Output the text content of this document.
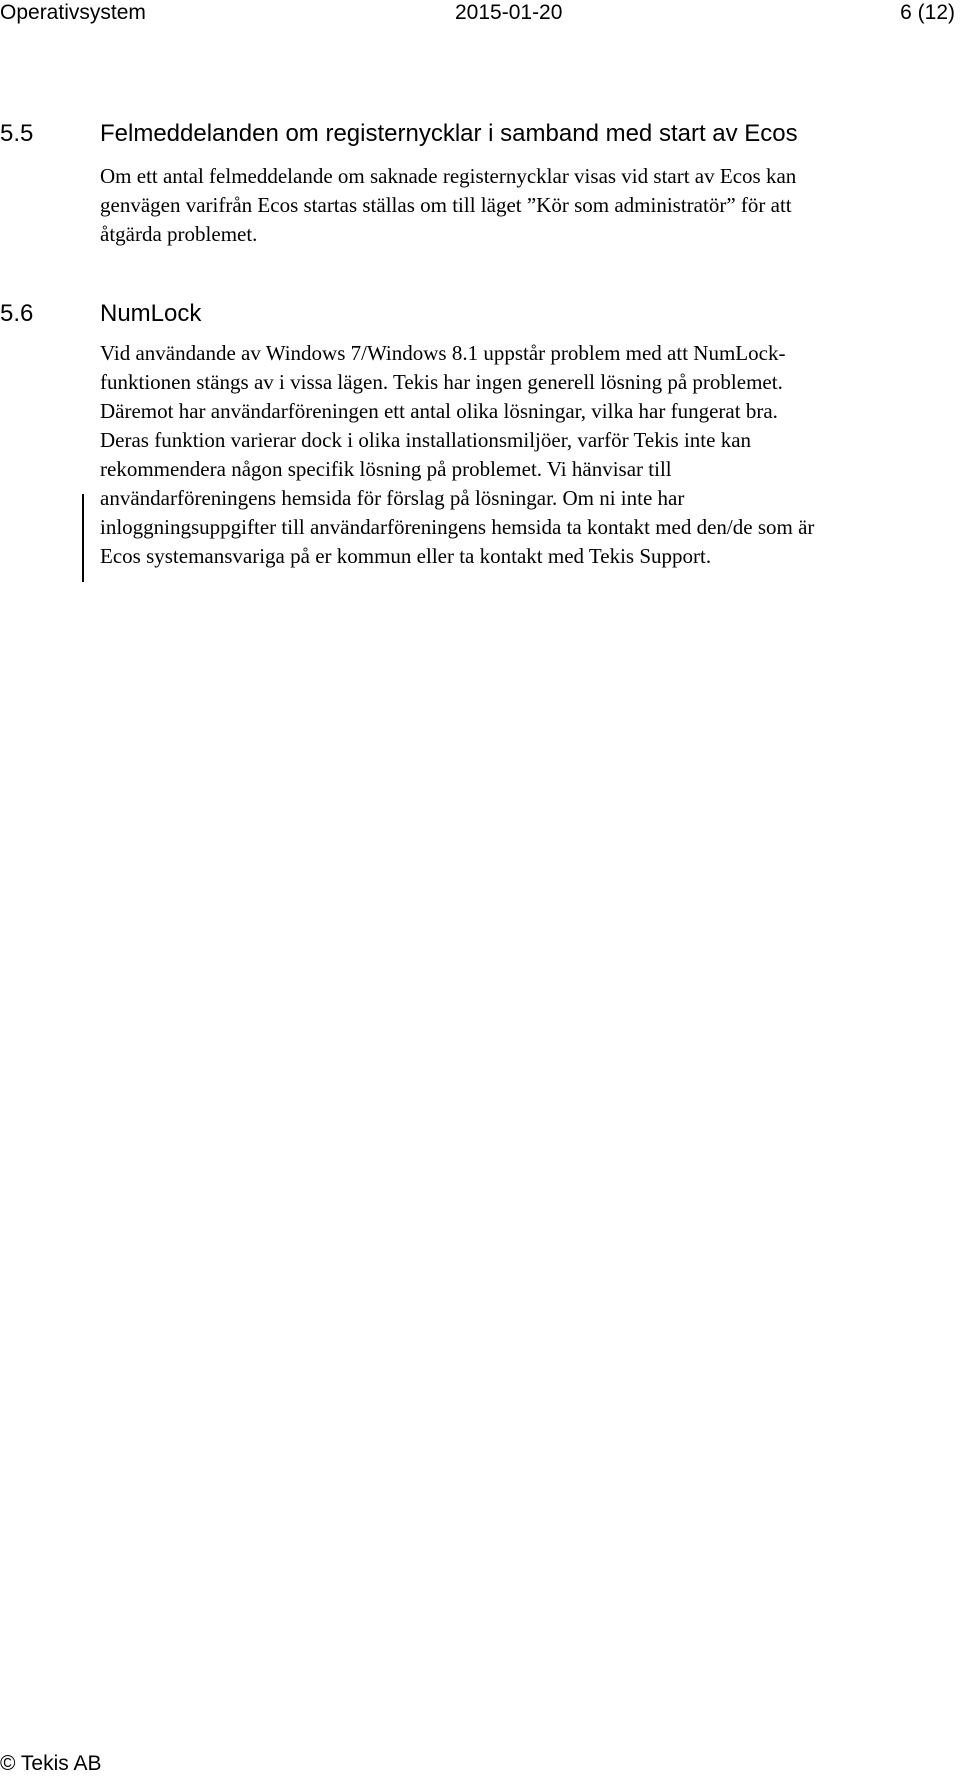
Operativsystem	2015-01-20	6 (12)
5.5	Felmeddelanden om registernycklar i samband med start av Ecos
Om ett antal felmeddelande om saknade registernycklar visas vid start av Ecos kan
genvägen varifrån Ecos startas ställas om till läget ”Kör som administratör” för att
åtgärda problemet.
5.6	NumLock
Vid användande av Windows 7/Windows 8.1 uppstår problem med att NumLock-
funktionen stängs av i vissa lägen. Tekis har ingen generell lösning på problemet.
Däremot har användarföreningen ett antal olika lösningar, vilka har fungerat bra.
Deras funktion varierar dock i olika installationsmiljöer, varför Tekis inte kan
rekommendera någon specifik lösning på problemet. Vi hänvisar till
användarföreningens hemsida för förslag på lösningar. Om ni inte har
inloggningsuppgifter till användarföreningens hemsida ta kontakt med den/de som är
Ecos systemansvariga på er kommun eller ta kontakt med Tekis Support.
© Tekis AB
